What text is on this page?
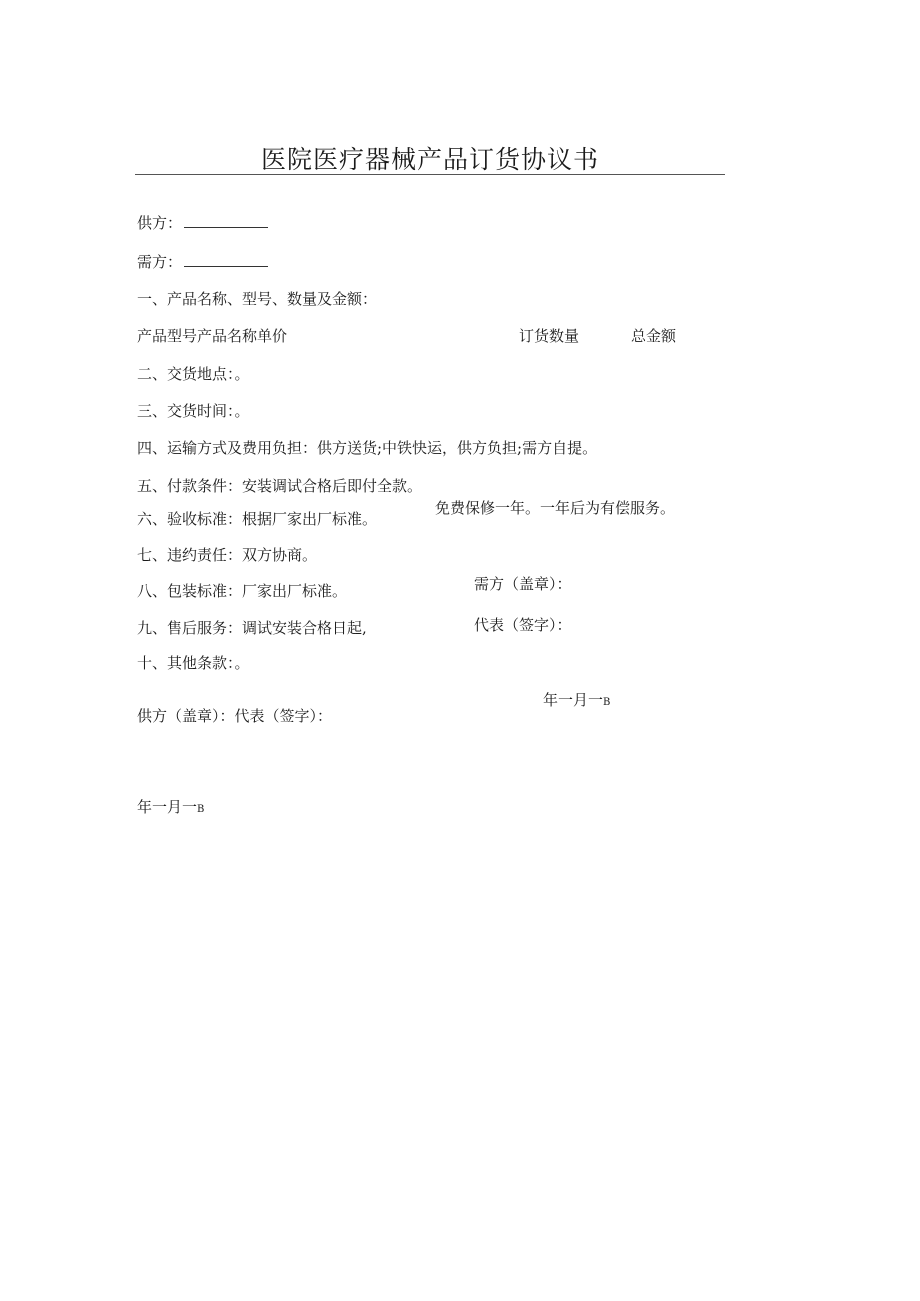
医院医疗器械产品订货协议书
供方：
需方：
一、产品名称、型号、数量及金额：
产品型号产品名称单价	订货数量	总金额
二、交货地点：。
三、交货时间：。
四、运输方式及费用负担：供方送货;中铁快运，供方负担;需方自提。
五、付款条件：安装调试合格后即付全款。
六、验收标准：根据厂家出厂标准。
免费保修一年。一年后为有偿服务。
七、违约责任：双方协商。
八、包装标准：厂家出厂标准。	需方（盖章）：
九、售后服务：调试安装合格日起,	代表（签字）：
十、其他条款：。
年一月一B
供方（盖章）：代表（签字）：
年一月一B
